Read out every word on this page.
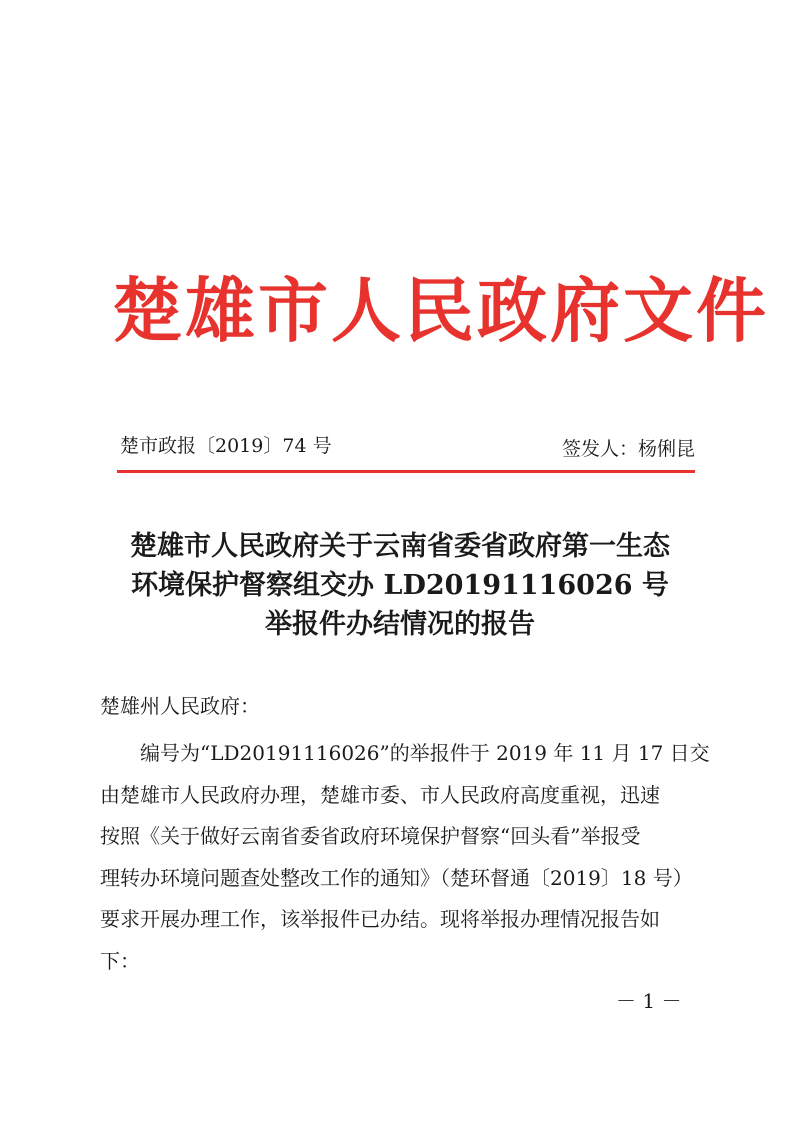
楚雄市人民政府文件
楚市政报〔2019〕74 号	签发人：杨俐昆
楚雄市人民政府关于云南省委省政府第一生态
环境保护督察组交办 LD20191116026 号
举报件办结情况的报告
楚雄州人民政府：
编号为“LD20191116026”的举报件于 2019 年 11 月 17 日交
由楚雄市人民政府办理，楚雄市委、市人民政府高度重视，迅速
按照《关于做好云南省委省政府环境保护督察“回头看”举报受
理转办环境问题查处整改工作的通知》（楚环督通〔2019〕18 号）
要求开展办理工作，该举报件已办结。现将举报办理情况报告如
下：
－ 1 －
